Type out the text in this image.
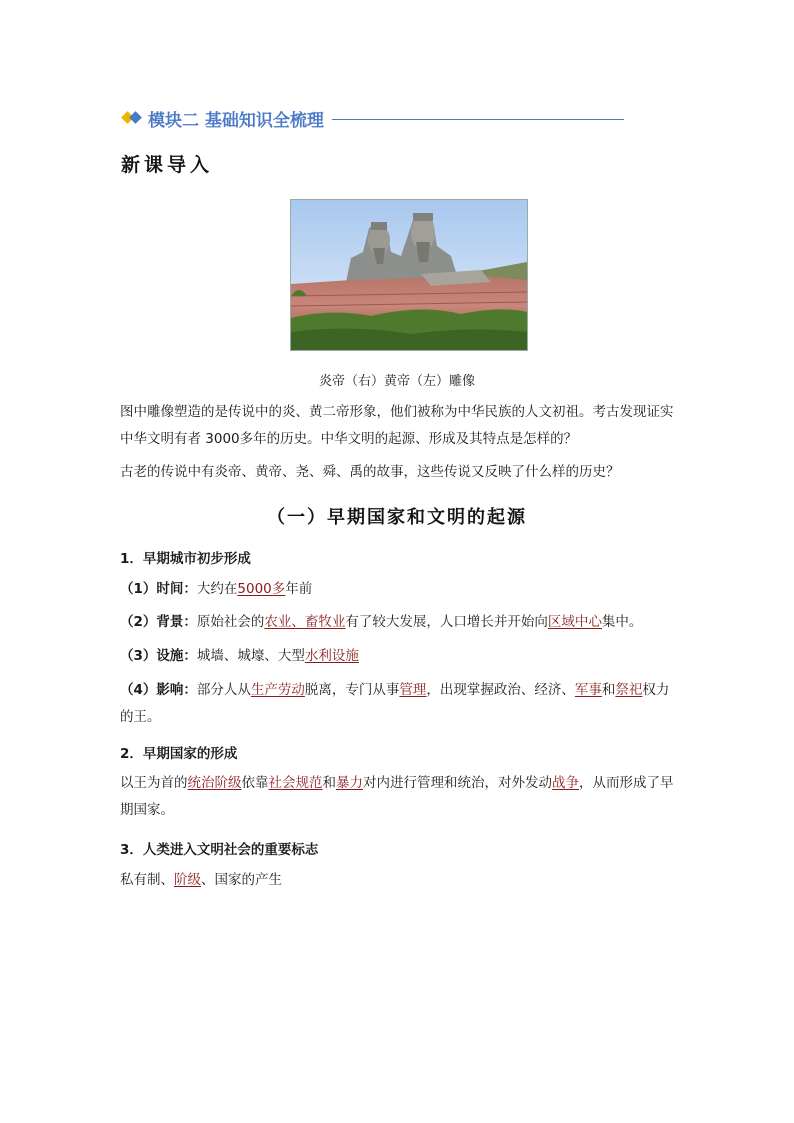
模块二 基础知识全梳理
新课导入
炎帝（右）黄帝（左）雕像

图中雕像塑造的是传说中的炎、黄二帝形象，他们被称为中华民族的人文初祖。考古发现证实中华文明有者 3000多年的历史。中华文明的起源、形成及其特点是怎样的？

古老的传说中有炎帝、黄帝、尧、舜、禹的故事，这些传说又反映了什么样的历史？

（一）早期国家和文明的起源

1．早期城市初步形成

（1）时间：大约在5000多年前

（2）背景：原始社会的农业、畜牧业有了较大发展，人口增长并开始向区域中心集中。

（3）设施：城墙、城壕、大型水利设施

（4）影响：部分人从生产劳动脱离，专门从事管理，出现掌握政治、经济、军事和祭祀权力的王。

2．早期国家的形成

以王为首的统治阶级依靠社会规范和暴力对内进行管理和统治，对外发动战争，从而形成了早期国家。

3．人类进入文明社会的重要标志

私有制、阶级、国家的产生
